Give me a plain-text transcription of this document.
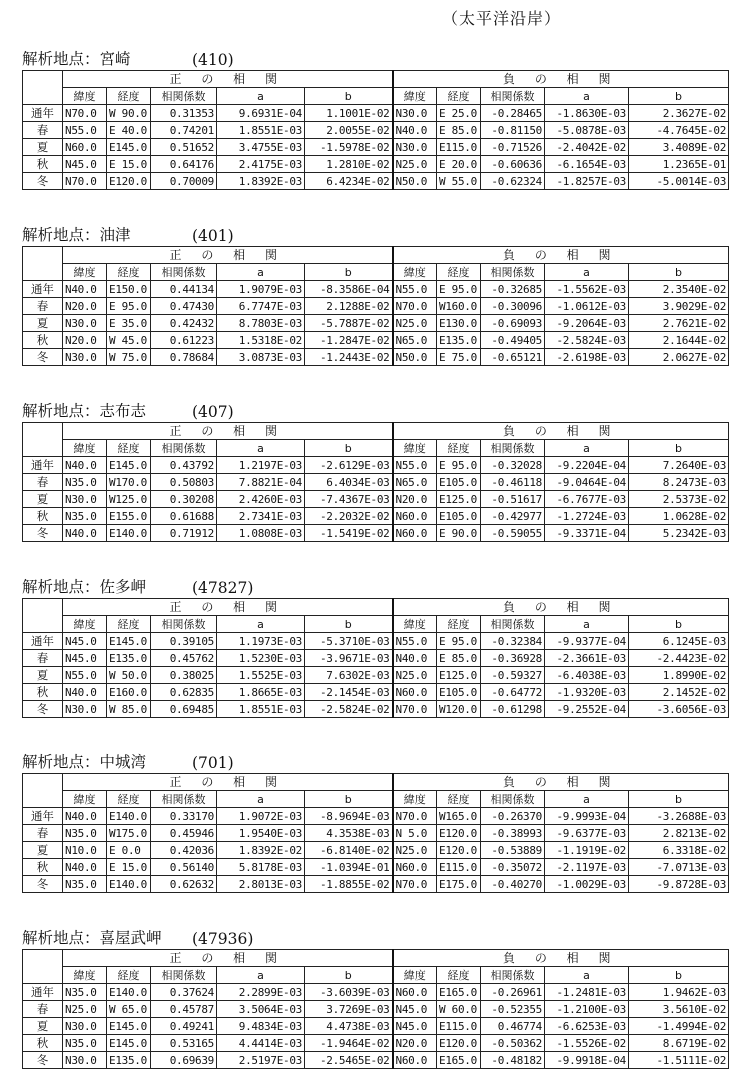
（太平洋沿岸）
解析地点：宮崎	(410)
	正 の 相 関					負 の 相 関				
	緯度	経度	相関係数	a	b	緯度	経度	相関係数	a	b
通年	N70.0	W 90.0	0.31353	9.6931E-04	1.1001E-02	N30.0	E 25.0	-0.28465	-1.8630E-03	2.3627E-02
春	N55.0	E 40.0	0.74201	1.8551E-03	2.0055E-02	N40.0	E 85.0	-0.81150	-5.0878E-03	-4.7645E-02
夏	N60.0	E145.0	0.51652	3.4755E-03	-1.5978E-02	N30.0	E115.0	-0.71526	-2.4042E-02	3.4089E-02
秋	N45.0	E 15.0	0.64176	2.4175E-03	1.2810E-02	N25.0	E 20.0	-0.60636	-6.1654E-03	1.2365E-01
冬	N70.0	E120.0	0.70009	1.8392E-03	6.4234E-02	N50.0	W 55.0	-0.62324	-1.8257E-03	-5.0014E-03
解析地点：油津	(401)
	正 の 相 関					負 の 相 関				
	緯度	経度	相関係数	a	b	緯度	経度	相関係数	a	b
通年	N40.0	E150.0	0.44134	1.9079E-03	-8.3586E-04	N55.0	E 95.0	-0.32685	-1.5562E-03	2.3540E-02
春	N20.0	E 95.0	0.47430	6.7747E-03	2.1288E-02	N70.0	W160.0	-0.30096	-1.0612E-03	3.9029E-02
夏	N30.0	E 35.0	0.42432	8.7803E-03	-5.7887E-02	N25.0	E130.0	-0.69093	-9.2064E-03	2.7621E-02
秋	N20.0	W 45.0	0.61223	1.5318E-02	-1.2847E-02	N65.0	E135.0	-0.49405	-2.5824E-03	2.1644E-02
冬	N30.0	W 75.0	0.78684	3.0873E-03	-1.2443E-02	N50.0	E 75.0	-0.65121	-2.6198E-03	2.0627E-02
解析地点：志布志	(407)
	正 の 相 関					負 の 相 関				
	緯度	経度	相関係数	a	b	緯度	経度	相関係数	a	b
通年	N40.0	E145.0	0.43792	1.2197E-03	-2.6129E-03	N55.0	E 95.0	-0.32028	-9.2204E-04	7.2640E-03
春	N35.0	W170.0	0.50803	7.8821E-04	6.4034E-03	N65.0	E105.0	-0.46118	-9.0464E-04	8.2473E-03
夏	N30.0	W125.0	0.30208	2.4260E-03	-7.4367E-03	N20.0	E125.0	-0.51617	-6.7677E-03	2.5373E-02
秋	N35.0	E155.0	0.61688	2.7341E-03	-2.2032E-02	N60.0	E105.0	-0.42977	-1.2724E-03	1.0628E-02
冬	N40.0	E140.0	0.71912	1.0808E-03	-1.5419E-02	N60.0	E 90.0	-0.59055	-9.3371E-04	5.2342E-03
解析地点：佐多岬	(47827)
	正 の 相 関					負 の 相 関				
	緯度	経度	相関係数	a	b	緯度	経度	相関係数	a	b
通年	N45.0	E145.0	0.39105	1.1973E-03	-5.3710E-03	N55.0	E 95.0	-0.32384	-9.9377E-04	6.1245E-03
春	N45.0	E135.0	0.45762	1.5230E-03	-3.9671E-03	N40.0	E 85.0	-0.36928	-2.3661E-03	-2.4423E-02
夏	N55.0	W 50.0	0.38025	1.5525E-03	7.6302E-03	N25.0	E125.0	-0.59327	-6.4038E-03	1.8990E-02
秋	N40.0	E160.0	0.62835	1.8665E-03	-2.1454E-03	N60.0	E105.0	-0.64772	-1.9320E-03	2.1452E-02
冬	N30.0	W 85.0	0.69485	1.8551E-03	-2.5824E-02	N70.0	W120.0	-0.61298	-9.2552E-04	-3.6056E-03
解析地点：中城湾	(701)
	正 の 相 関					負 の 相 関				
	緯度	経度	相関係数	a	b	緯度	経度	相関係数	a	b
通年	N40.0	E140.0	0.33170	1.9072E-03	-8.9694E-03	N70.0	W165.0	-0.26370	-9.9993E-04	-3.2688E-03
春	N35.0	W175.0	0.45946	1.9540E-03	4.3538E-03	N 5.0	E120.0	-0.38993	-9.6377E-03	2.8213E-02
夏	N10.0	E 0.0	0.42036	1.8392E-02	-6.8140E-02	N25.0	E120.0	-0.53889	-1.1919E-02	6.3318E-02
秋	N40.0	E 15.0	0.56140	5.8178E-03	-1.0394E-01	N60.0	E115.0	-0.35072	-2.1197E-03	-7.0713E-03
冬	N35.0	E140.0	0.62632	2.8013E-03	-1.8855E-02	N70.0	E175.0	-0.40270	-1.0029E-03	-9.8728E-03
解析地点：喜屋武岬	(47936)
	正 の 相 関					負 の 相 関				
	緯度	経度	相関係数	a	b	緯度	経度	相関係数	a	b
通年	N35.0	E140.0	0.37624	2.2899E-03	-3.6039E-03	N60.0	E165.0	-0.26961	-1.2481E-03	1.9462E-03
春	N25.0	W 65.0	0.45787	3.5064E-03	3.7269E-03	N45.0	W 60.0	-0.52355	-1.2100E-03	3.5610E-02
夏	N30.0	E145.0	0.49241	9.4834E-03	4.4738E-03	N45.0	E115.0	0.46774	-6.6253E-03	-1.4994E-02
秋	N35.0	E145.0	0.53165	4.4414E-03	-1.9464E-02	N20.0	E120.0	-0.50362	-1.5526E-02	8.6719E-02
冬	N30.0	E135.0	0.69639	2.5197E-03	-2.5465E-02	N60.0	E165.0	-0.48182	-9.9918E-04	-1.5111E-02
